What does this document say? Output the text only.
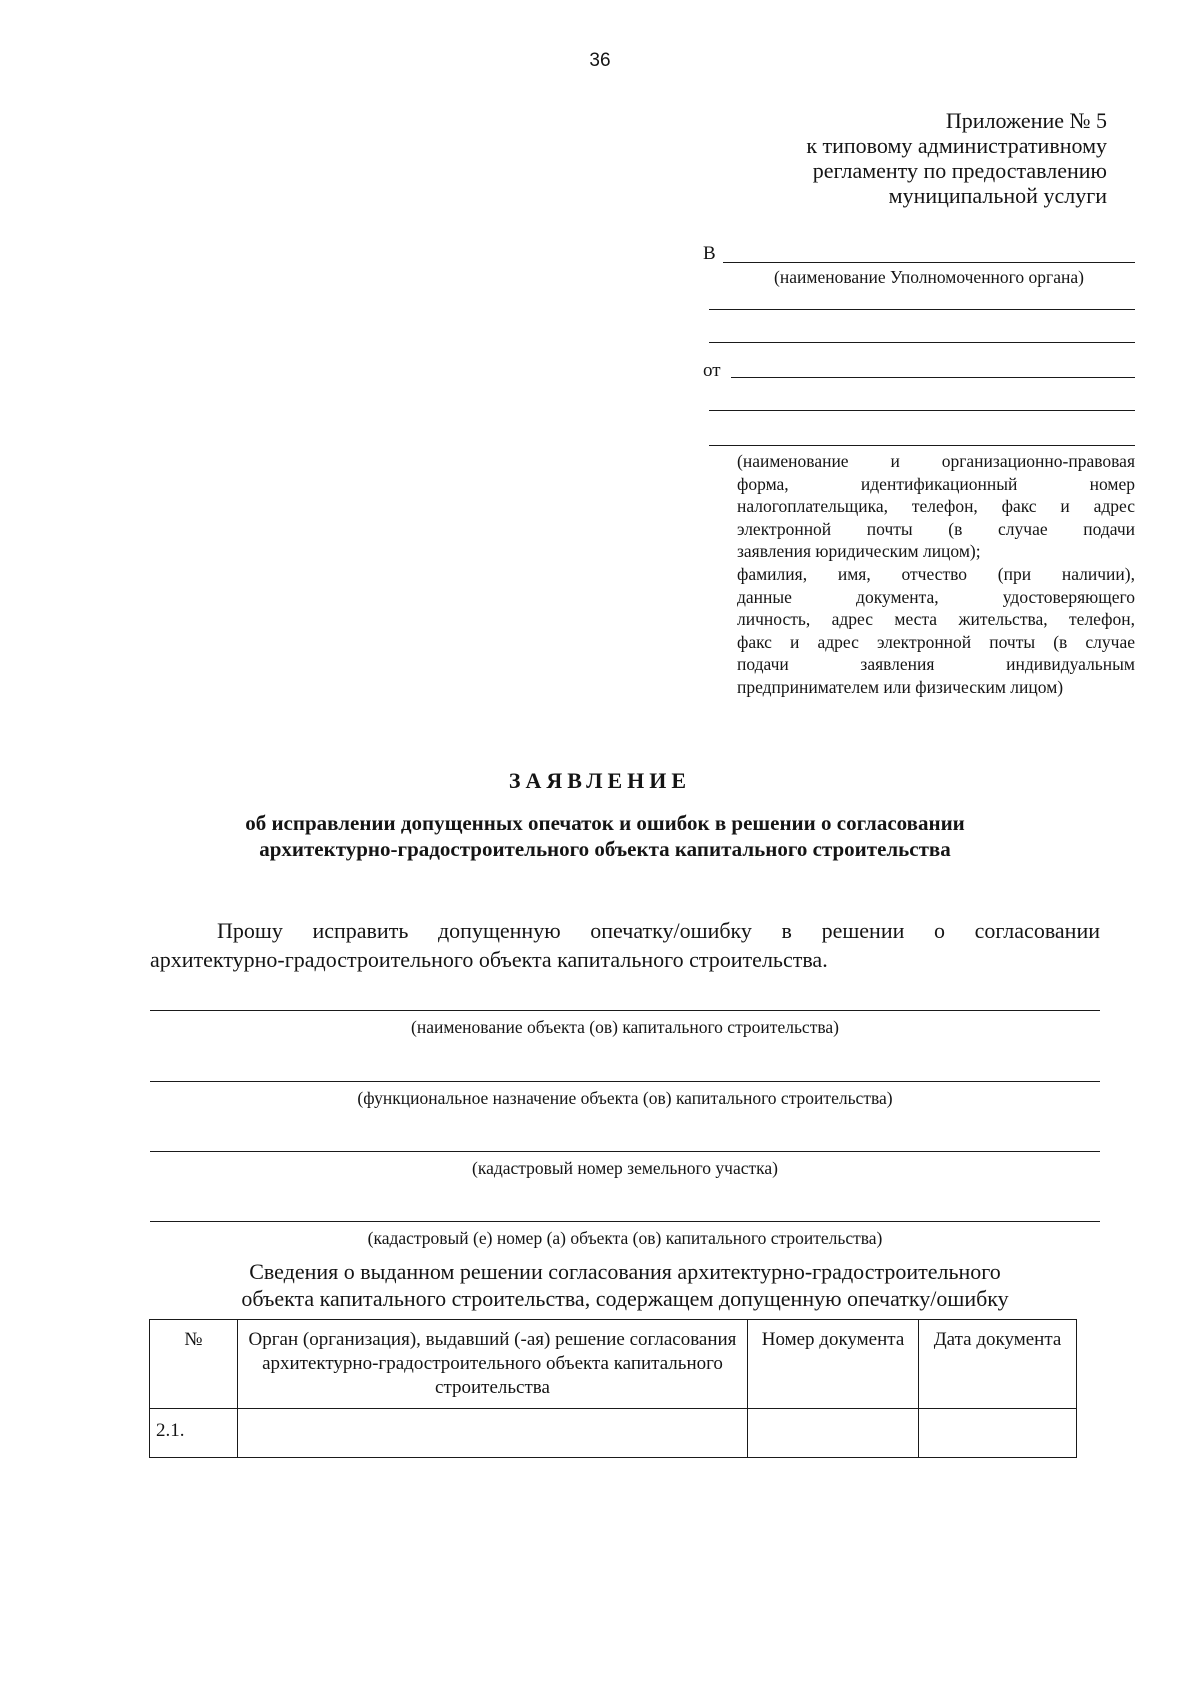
36
Приложение № 5
к типовому административному
регламенту по предоставлению
муниципальной услуги
В
(наименование Уполномоченного органа)
от
(наименование и организационно-правовая
форма, идентификационный номер
налогоплательщика, телефон, факс и адрес
электронной почты (в случае подачи
заявления юридическим лицом);
фамилия, имя, отчество (при наличии),
данные документа, удостоверяющего
личность, адрес места жительства, телефон,
факс и адрес электронной почты (в случае
подачи заявления индивидуальным
предпринимателем или физическим лицом)
ЗАЯВЛЕНИЕ
об исправлении допущенных опечаток и ошибок в решении о согласовании
архитектурно-градостроительного объекта капитального строительства
Прошу исправить допущенную опечатку/ошибку в решении о согласовании
архитектурно-градостроительного объекта капитального строительства.
(наименование объекта (ов) капитального строительства)
(функциональное назначение объекта (ов) капитального строительства)
(кадастровый номер земельного участка)
(кадастровый (е) номер (а) объекта (ов) капитального строительства)
Сведения о выданном решении согласования архитектурно-градостроительного
объекта капитального строительства, содержащем допущенную опечатку/ошибку
№	Орган (организация), выдавший (-ая) решение согласования архитектурно-градостроительного объекта капитального строительства	Номер документа	Дата документа
2.1.			
